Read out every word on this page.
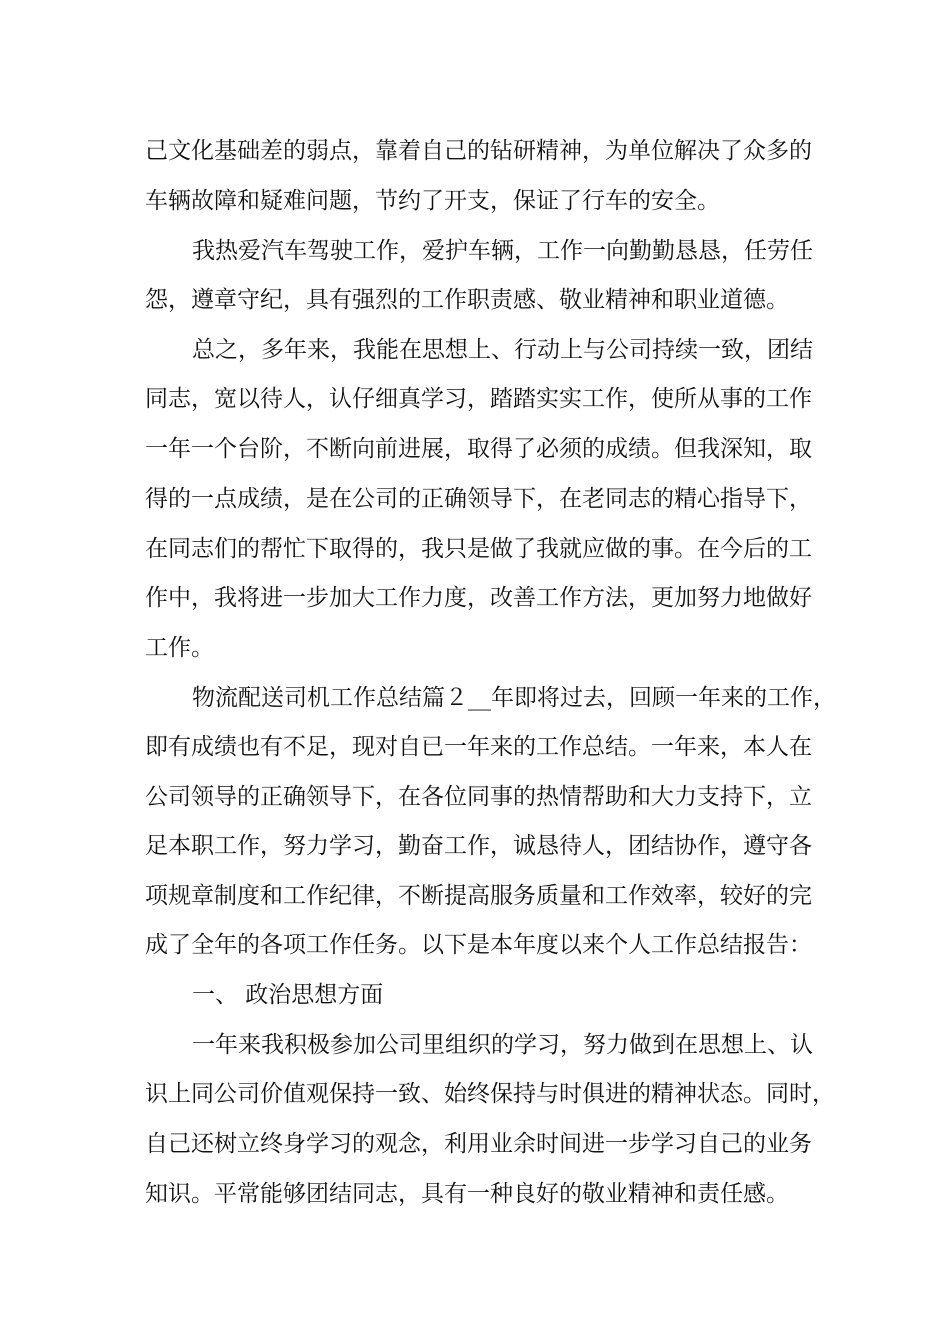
己文化基础差的弱点，靠着自己的钻研精神，为单位解决了众多的

车辆故障和疑难问题，节约了开支，保证了行车的安全。

我热爱汽车驾驶工作，爱护车辆，工作一向勤勤恳恳，任劳任

怨，遵章守纪，具有强烈的工作职责感、敬业精神和职业道德。

总之，多年来，我能在思想上、行动上与公司持续一致，团结

同志，宽以待人，认仔细真学习，踏踏实实工作，使所从事的工作

一年一个台阶，不断向前进展，取得了必须的成绩。但我深知，取

得的一点成绩，是在公司的正确领导下，在老同志的精心指导下，

在同志们的帮忙下取得的，我只是做了我就应做的事。在今后的工

作中，我将进一步加大工作力度，改善工作方法，更加努力地做好

工作。

物流配送司机工作总结篇２__年即将过去，回顾一年来的工作，

即有成绩也有不足，现对自已一年来的工作总结。一年来，本人在

公司领导的正确领导下，在各位同事的热情帮助和大力支持下，立

足本职工作，努力学习，勤奋工作，诚恳待人，团结协作，遵守各

项规章制度和工作纪律，不断提高服务质量和工作效率，较好的完

成了全年的各项工作任务。以下是本年度以来个人工作总结报告：

一、 政治思想方面

一年来我积极参加公司里组织的学习，努力做到在思想上、认

识上同公司价值观保持一致、始终保持与时俱进的精神状态。同时，

自己还树立终身学习的观念，利用业余时间进一步学习自己的业务

知识。平常能够团结同志，具有一种良好的敬业精神和责任感。
